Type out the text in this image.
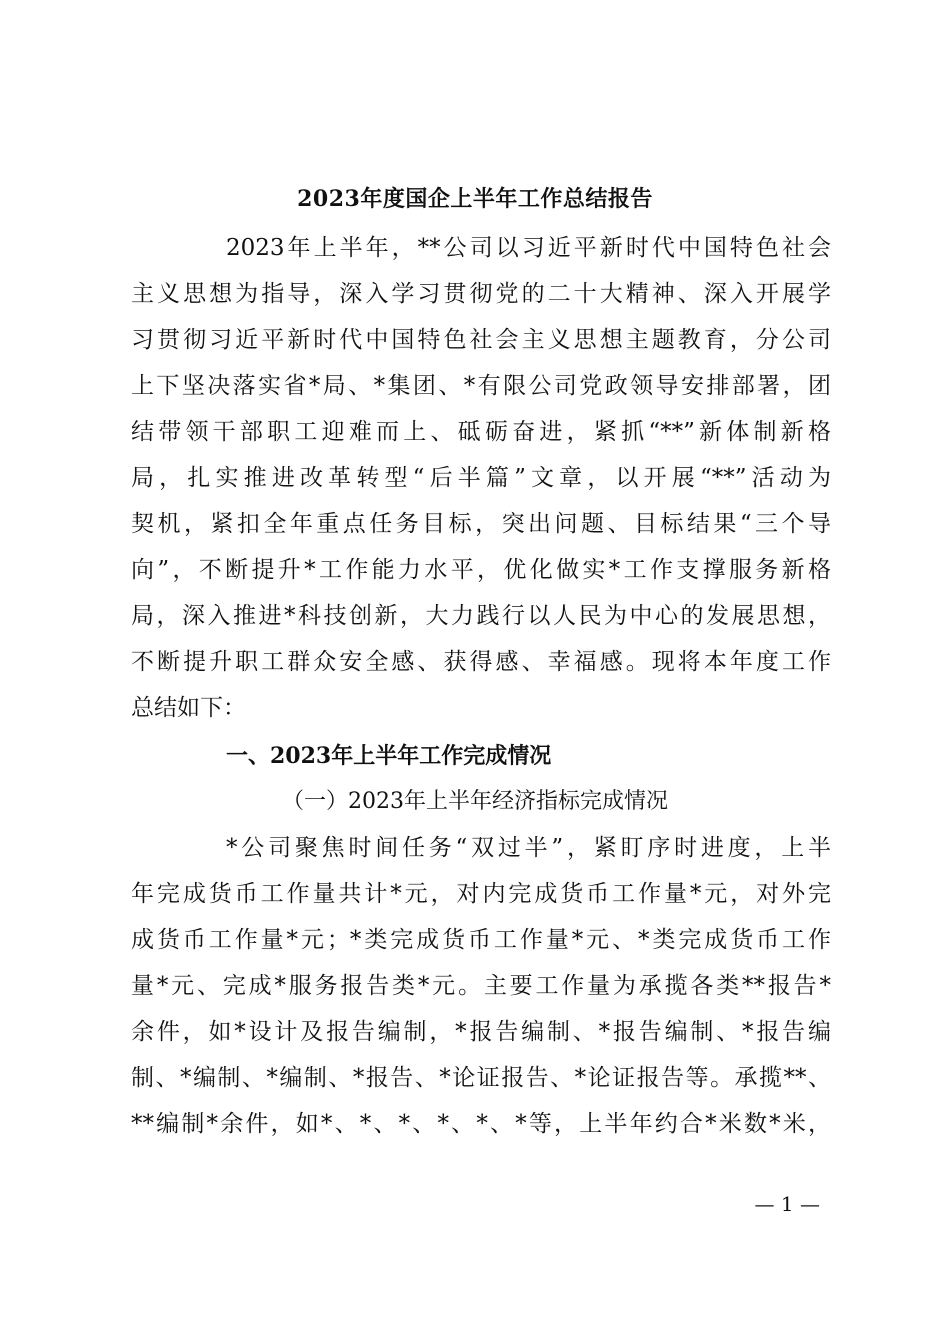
2023年度国企上半年工作总结报告
2023年上半年，**公司以习近平新时代中国特色社会
主义思想为指导，深入学习贯彻党的二十大精神、深入开展学
习贯彻习近平新时代中国特色社会主义思想主题教育，分公司
上下坚决落实省*局、*集团、*有限公司党政领导安排部署，团
结带领干部职工迎难而上、砥砺奋进，紧抓“**”新体制新格
局，扎实推进改革转型“后半篇”文章，以开展“**”活动为
契机，紧扣全年重点任务目标，突出问题、目标结果“三个导
向”，不断提升*工作能力水平，优化做实*工作支撑服务新格
局，深入推进*科技创新，大力践行以人民为中心的发展思想，
不断提升职工群众安全感、获得感、幸福感。现将本年度工作
总结如下：
一、2023年上半年工作完成情况
（一）2023年上半年经济指标完成情况
*公司聚焦时间任务“双过半”，紧盯序时进度，上半
年完成货币工作量共计*元，对内完成货币工作量*元，对外完
成货币工作量*元；*类完成货币工作量*元、*类完成货币工作
量*元、完成*服务报告类*元。主要工作量为承揽各类**报告*
余件，如*设计及报告编制，*报告编制、*报告编制、*报告编
制、*编制、*编制、*报告、*论证报告、*论证报告等。承揽**、
**编制*余件，如*、*、*、*、*、*等，上半年约合*米数*米，
— 1 —
